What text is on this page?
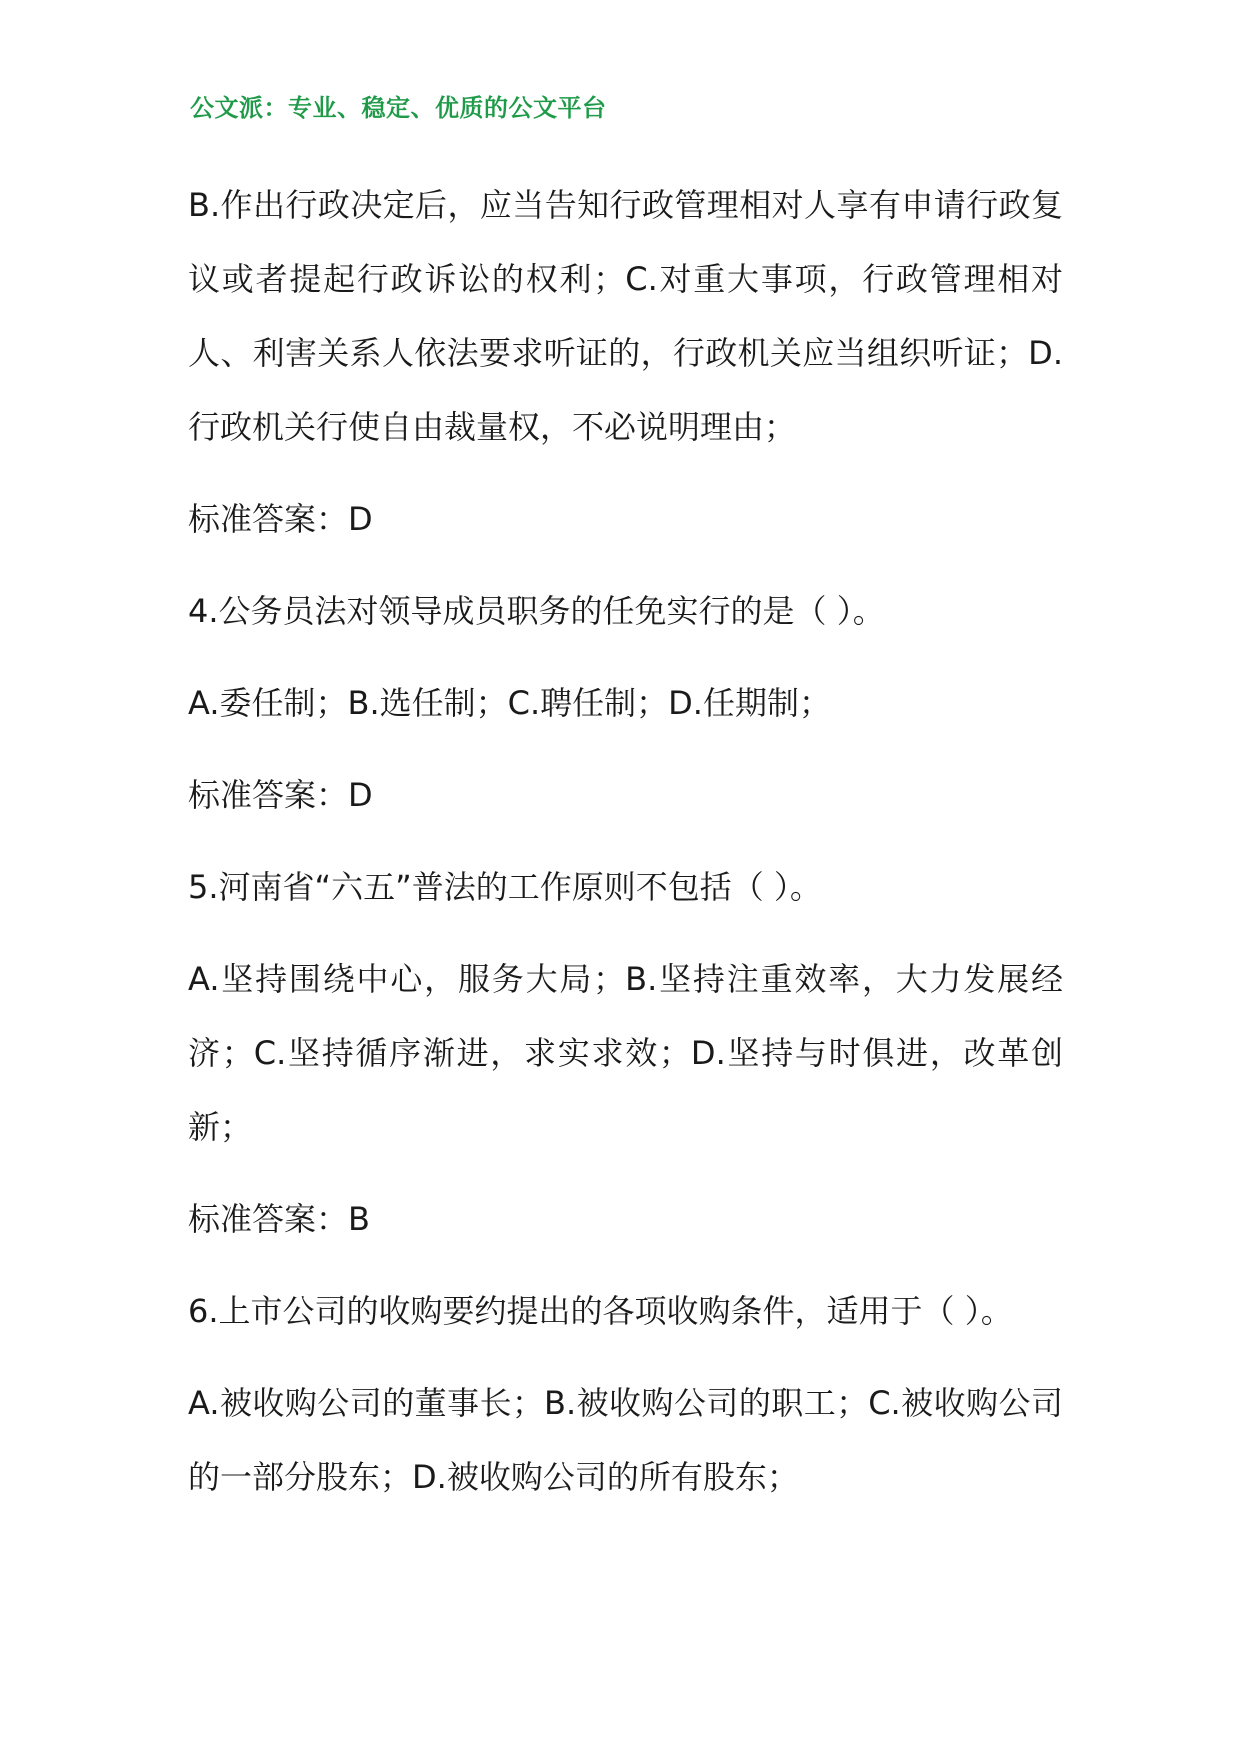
公文派：专业、稳定、优质的公文平台

B.作出行政决定后，应当告知行政管理相对人享有申请行政复议或者提起行政诉讼的权利；C.对重大事项，行政管理相对人、利害关系人依法要求听证的，行政机关应当组织听证；D.行政机关行使自由裁量权，不必说明理由；

标准答案：D

4.公务员法对领导成员职务的任免实行的是（ ）。

A.委任制；B.选任制；C.聘任制；D.任期制；

标准答案：D

5.河南省“六五”普法的工作原则不包括（ ）。

A.坚持围绕中心，服务大局；B.坚持注重效率，大力发展经济；C.坚持循序渐进，求实求效；D.坚持与时俱进，改革创新；

标准答案：B

6.上市公司的收购要约提出的各项收购条件，适用于（ ）。

A.被收购公司的董事长；B.被收购公司的职工；C.被收购公司的一部分股东；D.被收购公司的所有股东；
